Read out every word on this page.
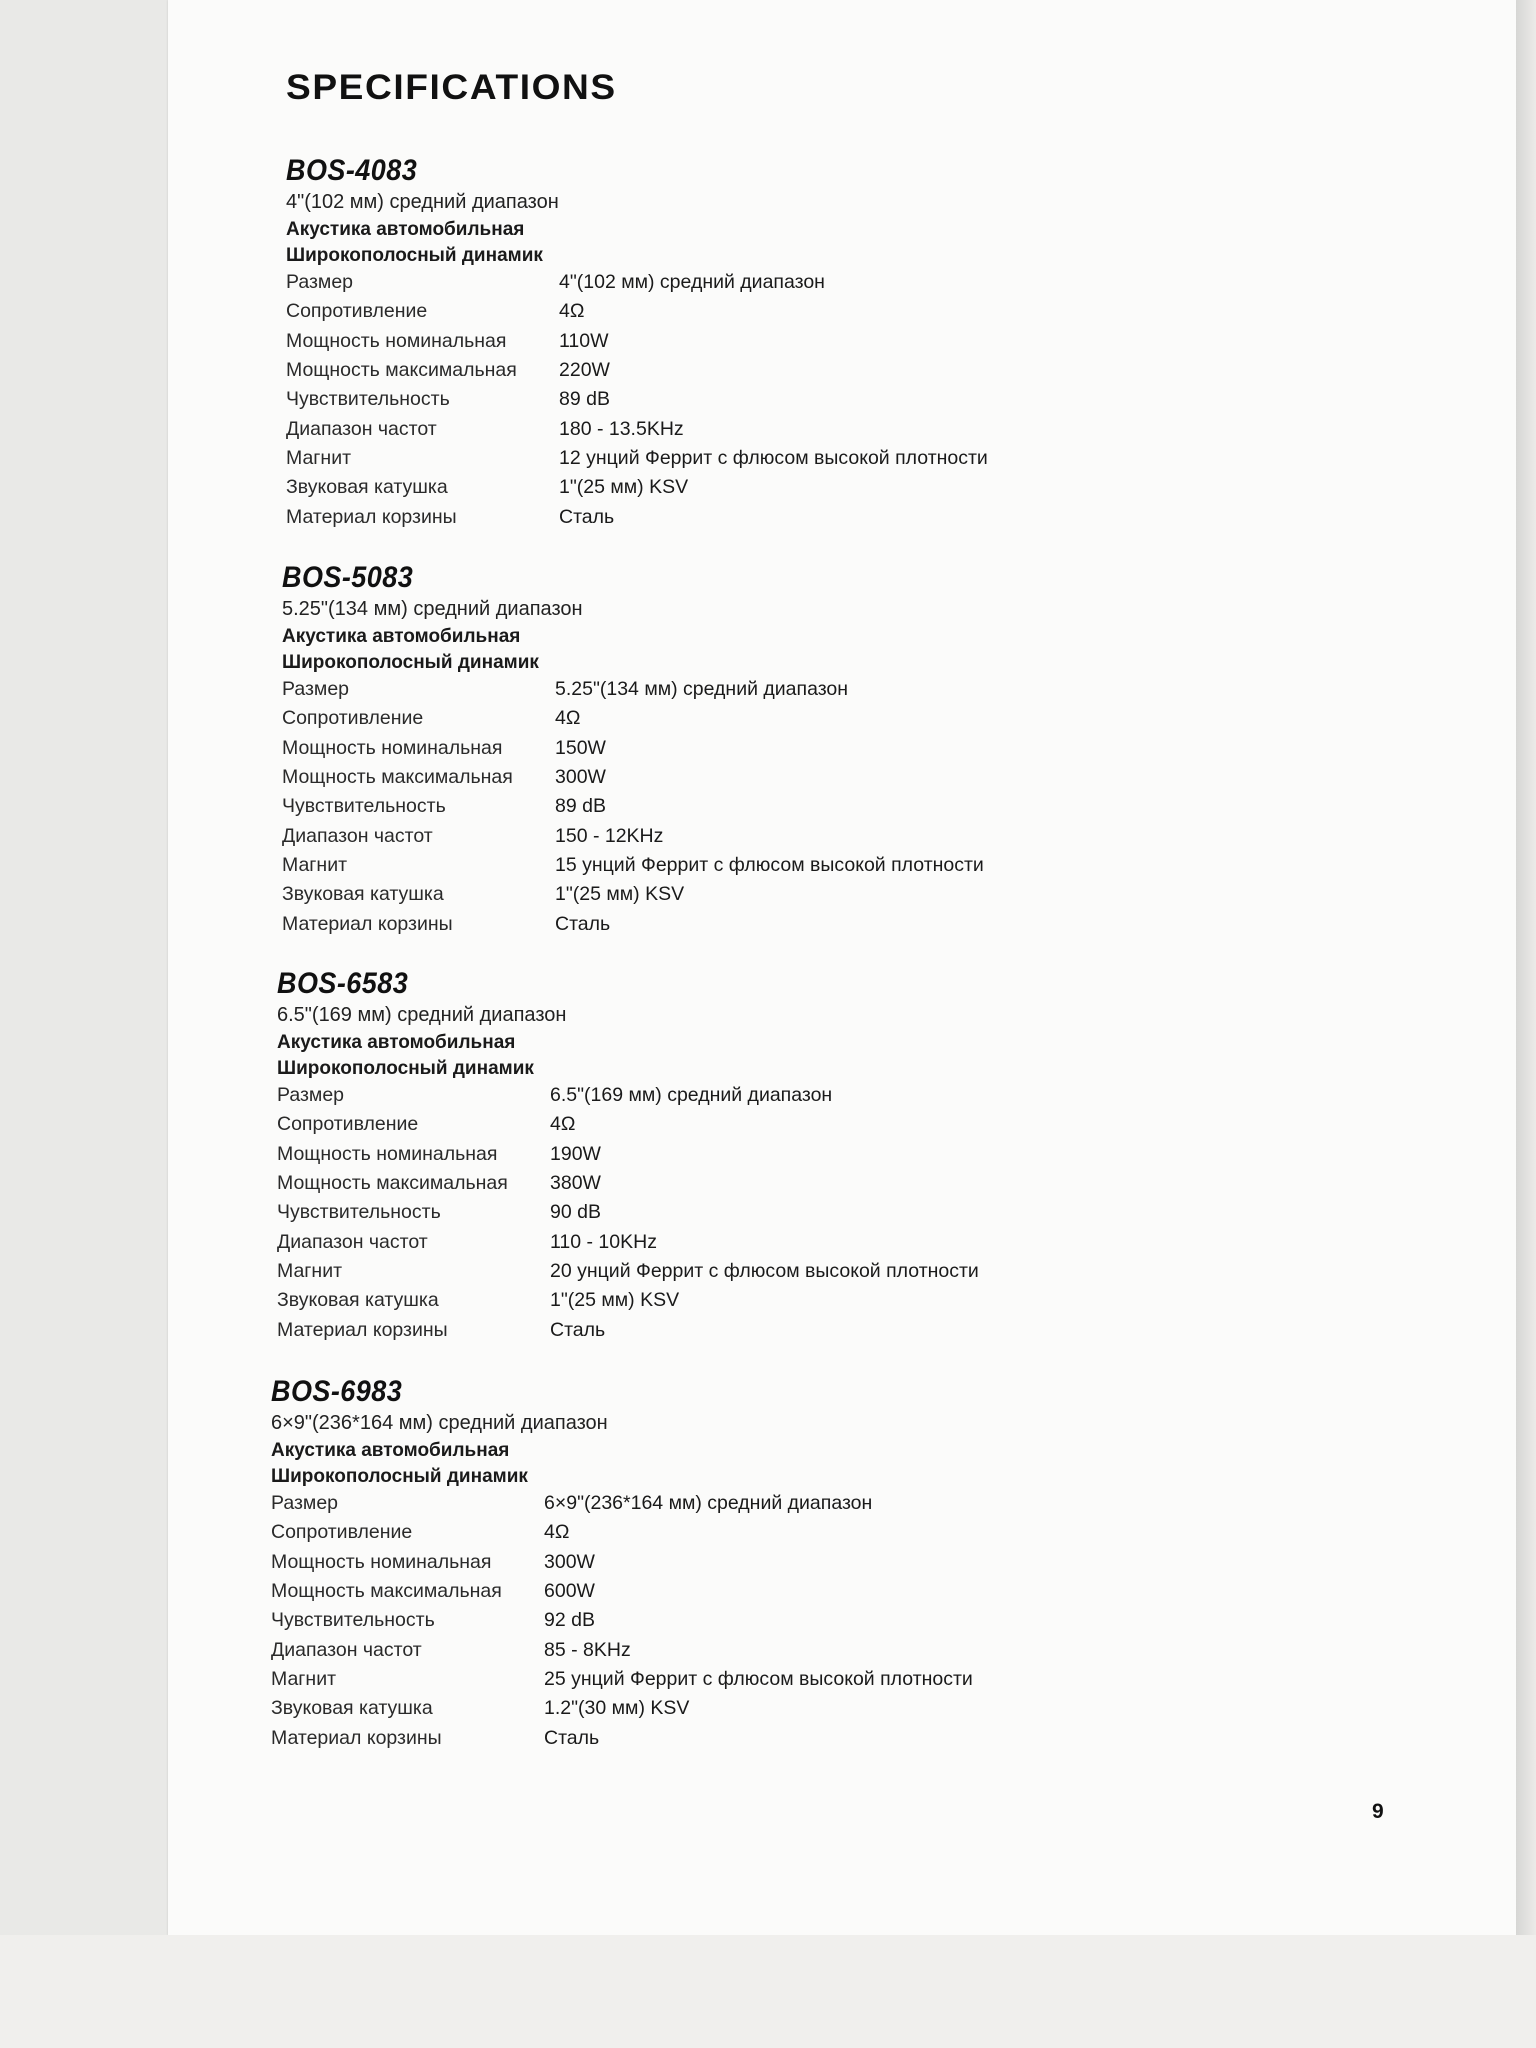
SPECIFICATIONS
BOS-4083
4"(102 мм) средний диапазон
Акустика автомобильная
Широкополосный динамик
Размер	4"(102 мм) средний диапазон
Сопротивление	4Ω
Мощность номинальная	110W
Мощность максимальная	220W
Чувствительность	89 dB
Диапазон частот	180 - 13.5KHz
Магнит	12 унций Феррит с флюсом высокой плотности
Звуковая катушка	1"(25 мм) KSV
Материал корзины	Сталь
BOS-5083
5.25"(134 мм) средний диапазон
Акустика автомобильная
Широкополосный динамик
Размер	5.25"(134 мм) средний диапазон
Сопротивление	4Ω
Мощность номинальная	150W
Мощность максимальная	300W
Чувствительность	89 dB
Диапазон частот	150 - 12KHz
Магнит	15 унций Феррит с флюсом высокой плотности
Звуковая катушка	1"(25 мм) KSV
Материал корзины	Сталь
BOS-6583
6.5"(169 мм) средний диапазон
Акустика автомобильная
Широкополосный динамик
Размер	6.5"(169 мм) средний диапазон
Сопротивление	4Ω
Мощность номинальная	190W
Мощность максимальная	380W
Чувствительность	90 dB
Диапазон частот	110 - 10KHz
Магнит	20 унций Феррит с флюсом высокой плотности
Звуковая катушка	1"(25 мм) KSV
Материал корзины	Сталь
BOS-6983
6×9"(236*164 мм) средний диапазон
Акустика автомобильная
Широкополосный динамик
Размер	6×9"(236*164 мм) средний диапазон
Сопротивление	4Ω
Мощность номинальная	300W
Мощность максимальная	600W
Чувствительность	92 dB
Диапазон частот	85 - 8KHz
Магнит	25 унций Феррит с флюсом высокой плотности
Звуковая катушка	1.2"(30 мм) KSV
Материал корзины	Сталь
9
